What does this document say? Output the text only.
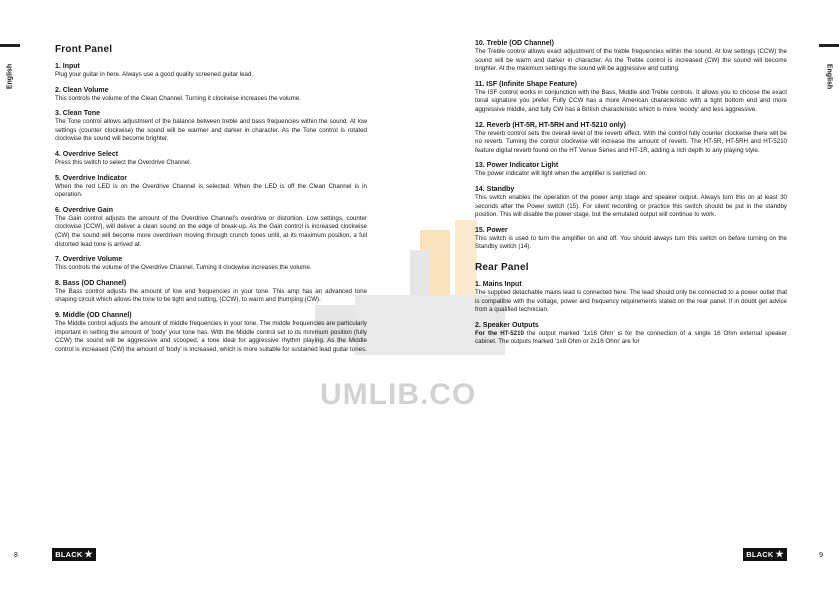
UMLIB.CO
English
Front Panel
1. Input

Plug your guitar in here. Always use a good quality screened guitar lead.

2. Clean Volume

This controls the volume of the Clean Channel. Turning it clockwise increases the volume.

3. Clean Tone

The Tone control allows adjustment of the balance between treble and bass frequencies within the sound. At low settings (counter clockwise) the sound will be warmer and darker in character. As the Tone control is rotated clockwise the sound will become brighter.

4. Overdrive Select

Press this switch to select the Overdrive Channel.

5. Overdrive Indicator

When the red LED is on the Overdrive Channel is selected. When the LED is off the Clean Channel is in operation.

6. Overdrive Gain

The Gain control adjusts the amount of the Overdrive Channel's overdrive or distortion. Low settings, counter clockwise (CCW), will deliver a clean sound on the edge of break-up. As the Gain control is increased clockwise (CW) the sound will become more overdriven moving through crunch tones until, at its maximum position, a full distorted lead tone is arrived at.

7. Overdrive Volume

This controls the volume of the Overdrive Channel. Turning it clockwise increases the volume.

8. Bass (OD Channel)

The Bass control adjusts the amount of low end frequencies in your tone. This amp has an advanced tone shaping circuit which allows the tone to be tight and cutting, (CCW), to warm and thumping (CW).

9. Middle (OD Channel)

The Middle control adjusts the amount of middle frequencies in your tone. The middle frequencies are particularly important in setting the amount of 'body' your tone has. With the Middle control set to its minimum position (fully CCW) the sound will be aggressive and scooped, a tone ideal for aggressive rhythm playing. As the Middle control is increased (CW) the amount of 'body' is increased, which is more suitable for sustained lead guitar tones.

8	BLACK ★
English
10. Treble (OD Channel)

The Treble control allows exact adjustment of the treble frequencies within the sound. At low settings (CCW) the sound will be warm and darker in character. As the Treble control is increased (CW) the sound will become brighter. At the maximum settings the sound will be aggressive and cutting.

11. ISF (Infinite Shape Feature)

The ISF control works in conjunction with the Bass, Middle and Treble controls. It allows you to choose the exact tonal signature you prefer. Fully CCW has a more American characteristic with a tight bottom end and more aggressive middle, and fully CW has a British characteristic which is more 'woody' and less aggressive.

12. Reverb (HT-5R, HT-5RH and HT-5210 only)

The reverb control sets the overall level of the reverb effect. With the control fully counter clockwise there will be no reverb. Turning the control clockwise will increase the amount of reverb. The HT-5R, HT-5RH and HT-5210 feature digital reverb found on the HT Venue Series and HT-1R, adding a rich depth to any playing style.

13. Power Indicator Light

The power indicator will light when the amplifier is switched on.

14. Standby

This switch enables the operation of the power amp stage and speaker output. Always turn this on at least 30 seconds after the Power switch (15). For silent recording or practice this switch should be put in the standby position. This will disable the power stage, but the emulated output will continue to work.

15. Power

This switch is used to turn the amplifier on and off. You should always turn this switch on before turning on the Standby switch (14).

Rear Panel
1. Mains Input

The supplied detachable mains lead is connected here. The lead should only be connected to a power outlet that is compatible with the voltage, power and frequency requirements stated on the rear panel. If in doubt get advice from a qualified technician.

2. Speaker Outputs

For the HT-5210 the output marked '1x16 Ohm' is for the connection of a single 16 Ohm external speaker cabinet. The outputs marked '1x8 Ohm or 2x16 Ohm' are for

BLACK ★	9
